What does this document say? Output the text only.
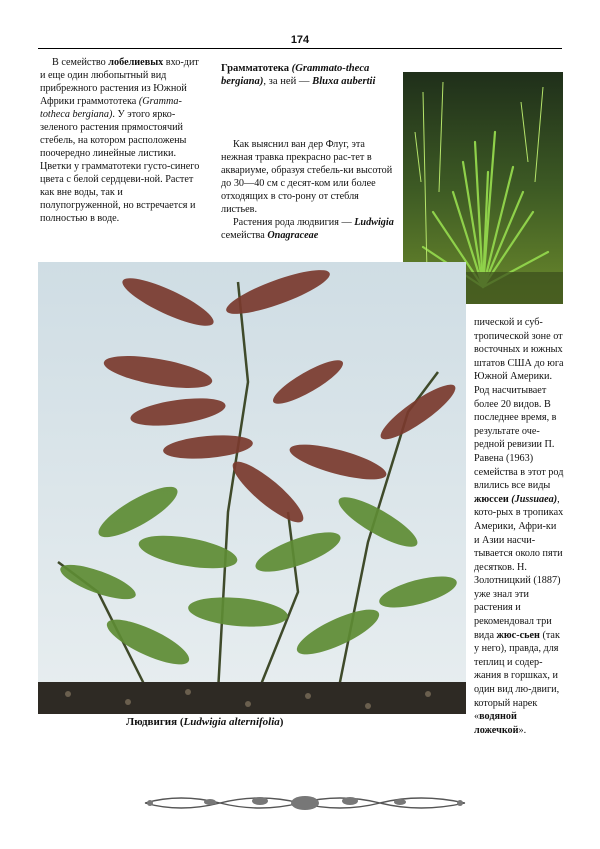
174

В семейство лобелиевых вхо-дит и еще один любопытный вид прибрежного растения из Южной Африки граммототека (Gramma-totheca bergiana). У этого ярко-зеленого растения прямостоячий стебель, на котором расположены поочередно линейные листики. Цветки у грамматотеки густо-синего цвета с белой сердцеви-ной. Растет как вне воды, так и полупогруженной, но встречается и полностью в воде.

Грамматотека (Grammato-theca bergiana), за ней — Bluxa aubertii

Как выяснил ван дер Флуг, эта нежная травка прекрасно рас-тет в аквариуме, образуя стебель-ки высотой до 30—40 см с десят-ком или более отходящих в сто-рону от стебля листьев.

Растения рода людвигия — Ludwigia семейства Onagraceae

пической и суб-тропической зоне от восточных и южных штатов США до юга Южной Америки. Род насчитывает более 20 видов. В последнее время, в результате оче-редной ревизии П. Равена (1963) семейства в этот род влились все виды жюссеи (Jussuaea), кото-рых в тропиках Америки, Афри-ки и Азии насчи-тывается около пяти десятков. Н. Золотницкий (1887) уже знал эти растения и рекомендовал три вида жюс-сьен (так у него), правда, для теплиц и содер-жания в горшках, и один вид лю-двиги, который нарек «водяной ложечкой».

Людвигия (Ludwigia alternifolia)
